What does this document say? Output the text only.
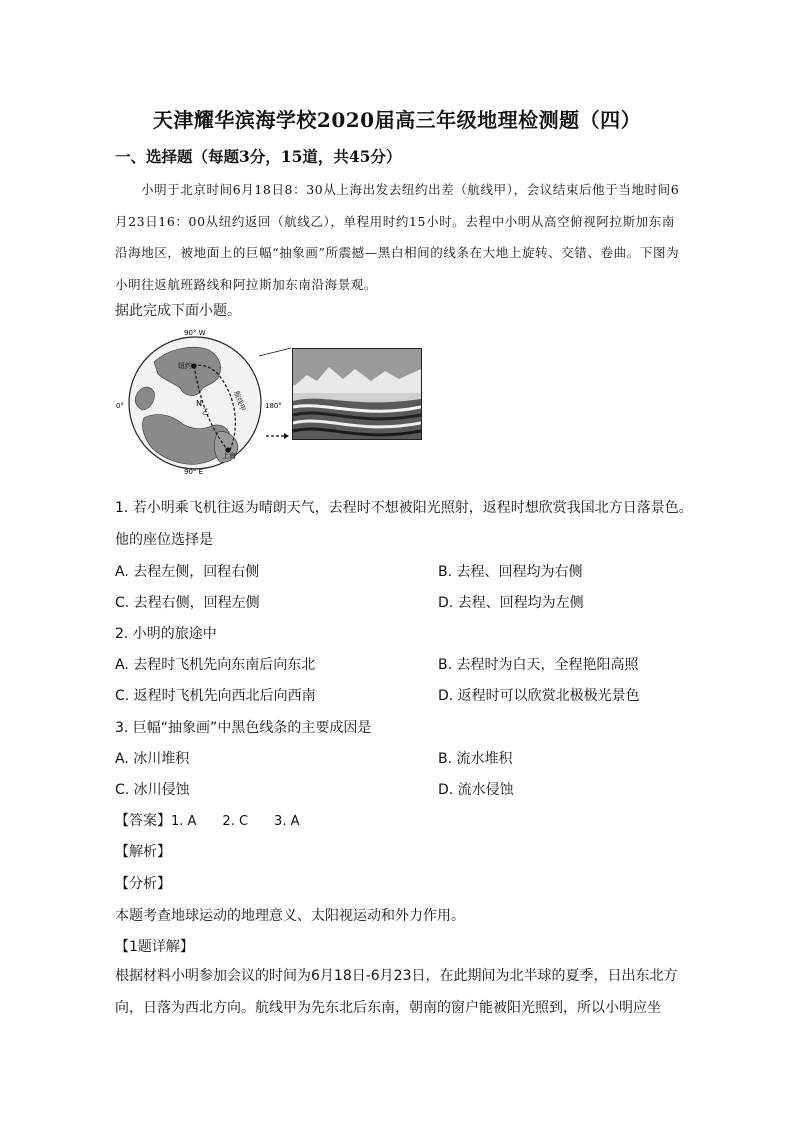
天津耀华滨海学校2020届高三年级地理检测题（四）
一、选择题（每题3分，15道，共45分）
小明于北京时间6月18日8：30从上海出发去纽约出差（航线甲），会议结束后他于当地时间6月23日16：00从纽约返回（航线乙），单程用时约15小时。去程中小明从高空俯视阿拉斯加东南沿海地区，被地面上的巨幅“抽象画”所震撼—黑白相间的线条在大地上旋转、交错、卷曲。下图为小明往返航班路线和阿拉斯加东南沿海景观。
据此完成下面小题。
90° W
0°	180°
90° E
纽约
上海
航线甲
乙
N
1. 若小明乘飞机往返为晴朗天气，去程时不想被阳光照射，返程时想欣赏我国北方日落景色。
他的座位选择是
A. 去程左侧，回程右侧	B. 去程、回程均为右侧
C. 去程右侧，回程左侧	D. 去程、回程均为左侧
2. 小明的旅途中
A. 去程时飞机先向东南后向东北	B. 去程时为白天，全程艳阳高照
C. 返程时飞机先向西北后向西南	D. 返程时可以欣赏北极极光景色
3. 巨幅“抽象画”中黑色线条的主要成因是
A. 冰川堆积	B. 流水堆积
C. 冰川侵蚀	D. 流水侵蚀
【答案】1. A　　2. C　　3. A
【解析】
【分析】
本题考查地球运动的地理意义、太阳视运动和外力作用。
【1题详解】
根据材料小明参加会议的时间为6月18日-6月23日，在此期间为北半球的夏季，日出东北方向，日落为西北方向。航线甲为先东北后东南，朝南的窗户能被阳光照到，所以小明应坐
